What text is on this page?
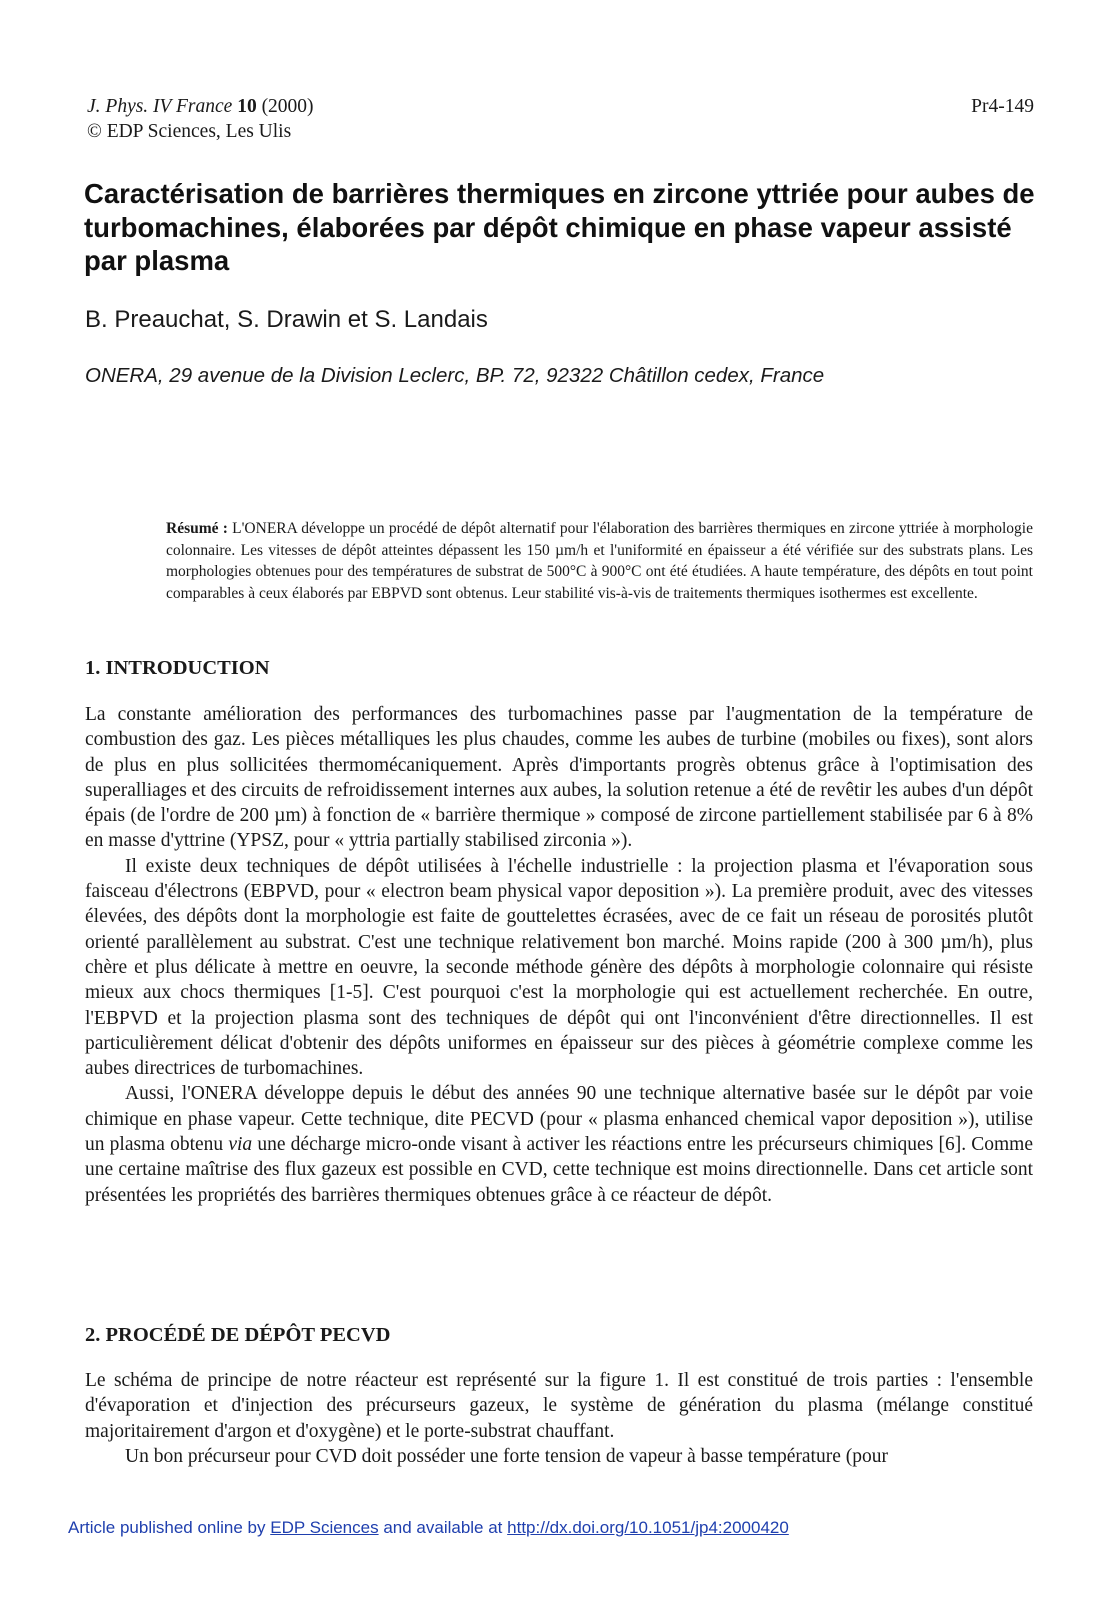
J. Phys. IV France 10 (2000)
© EDP Sciences, Les Ulis
Pr4-149
Caractérisation de barrières thermiques en zircone yttriée pour aubes de turbomachines, élaborées par dépôt chimique en phase vapeur assisté par plasma
B. Preauchat, S. Drawin et S. Landais
ONERA, 29 avenue de la Division Leclerc, BP. 72, 92322 Châtillon cedex, France
Résumé : L'ONERA développe un procédé de dépôt alternatif pour l'élaboration des barrières thermiques en zircone yttriée à morphologie colonnaire. Les vitesses de dépôt atteintes dépassent les 150 µm/h et l'uniformité en épaisseur a été vérifiée sur des substrats plans. Les morphologies obtenues pour des températures de substrat de 500°C à 900°C ont été étudiées. A haute température, des dépôts en tout point comparables à ceux élaborés par EBPVD sont obtenus. Leur stabilité vis-à-vis de traitements thermiques isothermes est excellente.
1. INTRODUCTION

La constante amélioration des performances des turbomachines passe par l'augmentation de la température de combustion des gaz. Les pièces métalliques les plus chaudes, comme les aubes de turbine (mobiles ou fixes), sont alors de plus en plus sollicitées thermomécaniquement. Après d'importants progrès obtenus grâce à l'optimisation des superalliages et des circuits de refroidissement internes aux aubes, la solution retenue a été de revêtir les aubes d'un dépôt épais (de l'ordre de 200 µm) à fonction de « barrière thermique » composé de zircone partiellement stabilisée par 6 à 8% en masse d'yttrine (YPSZ, pour « yttria partially stabilised zirconia »).

Il existe deux techniques de dépôt utilisées à l'échelle industrielle : la projection plasma et l'évaporation sous faisceau d'électrons (EBPVD, pour « electron beam physical vapor deposition »). La première produit, avec des vitesses élevées, des dépôts dont la morphologie est faite de gouttelettes écrasées, avec de ce fait un réseau de porosités plutôt orienté parallèlement au substrat. C'est une technique relativement bon marché. Moins rapide (200 à 300 µm/h), plus chère et plus délicate à mettre en oeuvre, la seconde méthode génère des dépôts à morphologie colonnaire qui résiste mieux aux chocs thermiques [1-5]. C'est pourquoi c'est la morphologie qui est actuellement recherchée. En outre, l'EBPVD et la projection plasma sont des techniques de dépôt qui ont l'inconvénient d'être directionnelles. Il est particulièrement délicat d'obtenir des dépôts uniformes en épaisseur sur des pièces à géométrie complexe comme les aubes directrices de turbomachines.

Aussi, l'ONERA développe depuis le début des années 90 une technique alternative basée sur le dépôt par voie chimique en phase vapeur. Cette technique, dite PECVD (pour « plasma enhanced chemical vapor deposition »), utilise un plasma obtenu via une décharge micro-onde visant à activer les réactions entre les précurseurs chimiques [6]. Comme une certaine maîtrise des flux gazeux est possible en CVD, cette technique est moins directionnelle. Dans cet article sont présentées les propriétés des barrières thermiques obtenues grâce à ce réacteur de dépôt.

2. PROCÉDÉ DE DÉPÔT PECVD

Le schéma de principe de notre réacteur est représenté sur la figure 1. Il est constitué de trois parties : l'ensemble d'évaporation et d'injection des précurseurs gazeux, le système de génération du plasma (mélange constitué majoritairement d'argon et d'oxygène) et le porte-substrat chauffant.

Un bon précurseur pour CVD doit posséder une forte tension de vapeur à basse température (pour

Article published online by EDP Sciences and available at http://dx.doi.org/10.1051/jp4:2000420
